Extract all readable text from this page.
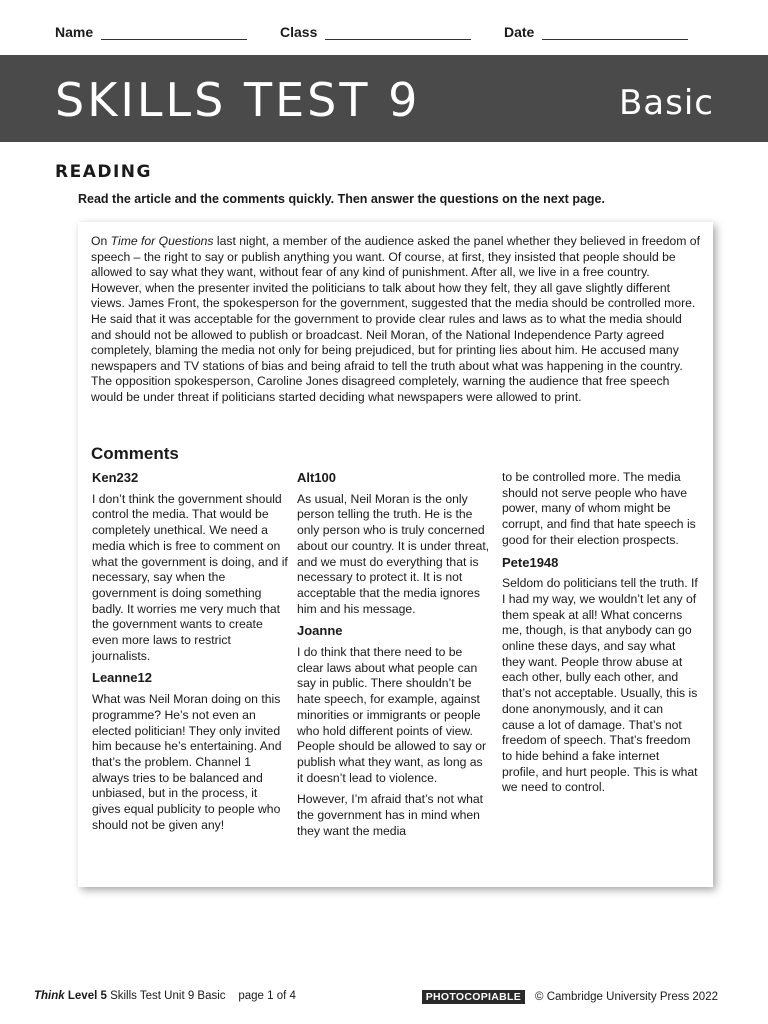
Name	Class	Date
SKILLS TEST 9	Basic
READING
Read the article and the comments quickly. Then answer the questions on the next page.

On Time for Questions last night, a member of the audience asked the panel whether they believed in freedom of speech – the right to say or publish anything you want. Of course, at first, they insisted that people should be allowed to say what they want, without fear of any kind of punishment. After all, we live in a free country. However, when the presenter invited the politicians to talk about how they felt, they all gave slightly different views. James Front, the spokesperson for the government, suggested that the media should be controlled more. He said that it was acceptable for the government to provide clear rules and laws as to what the media should and should not be allowed to publish or broadcast. Neil Moran, of the National Independence Party agreed completely, blaming the media not only for being prejudiced, but for printing lies about him. He accused many newspapers and TV stations of bias and being afraid to tell the truth about what was happening in the country. The opposition spokesperson, Caroline Jones disagreed completely, warning the audience that free speech would be under threat if politicians started deciding what newspapers were allowed to print.

Comments
Ken232

I don’t think the government should control the media. That would be completely unethical. We need a media which is free to comment on what the government is doing, and if necessary, say when the government is doing something badly. It worries me very much that the government wants to create even more laws to restrict journalists.

Leanne12

What was Neil Moran doing on this programme? He’s not even an elected politician! They only invited him because he’s entertaining. And that’s the problem. Channel 1 always tries to be balanced and unbiased, but in the process, it gives equal publicity to people who should not be given any!

Alt100

As usual, Neil Moran is the only person telling the truth. He is the only person who is truly concerned about our country. It is under threat, and we must do everything that is necessary to protect it. It is not acceptable that the media ignores him and his message.

Joanne

I do think that there need to be clear laws about what people can say in public. There shouldn’t be hate speech, for example, against minorities or immigrants or people who hold different points of view. People should be allowed to say or publish what they want, as long as it doesn’t lead to violence.

However, I’m afraid that’s not what the government has in mind when they want the media

to be controlled more. The media should not serve people who have power, many of whom might be corrupt, and find that hate speech is good for their election prospects.

Pete1948

Seldom do politicians tell the truth. If I had my way, we wouldn’t let any of them speak at all! What concerns me, though, is that anybody can go online these days, and say what they want. People throw abuse at each other, bully each other, and that’s not acceptable. Usually, this is done anonymously, and it can cause a lot of damage. That’s not freedom of speech. That’s freedom to hide behind a fake internet profile, and hurt people. This is what we need to control.

Think Level 5 Skills Test Unit 9 Basic page 1 of 4	PHOTOCOPIABLE	© Cambridge University Press 2022
